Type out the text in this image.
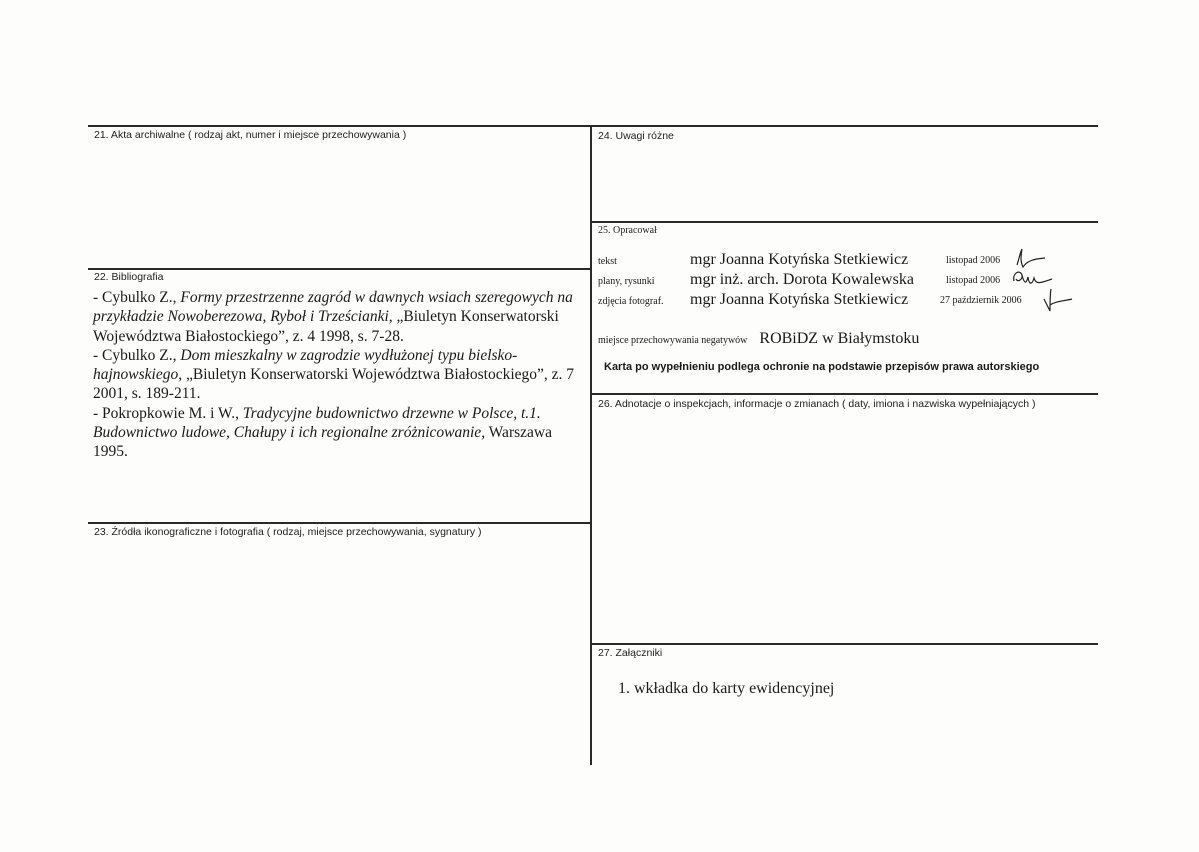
21. Akta archiwalne ( rodzaj akt, numer i miejsce przechowywania )
22. Bibliografia

- Cybulko Z., Formy przestrzenne zagród w dawnych wsiach szeregowych na przykładzie Nowoberezowa, Ryboł i Trześcianki, „Biuletyn Konserwatorski Województwa Białostockiego”, z. 4 1998, s. 7-28.

- Cybulko Z., Dom mieszkalny w zagrodzie wydłużonej typu bielsko-hajnowskiego, „Biuletyn Konserwatorski Województwa Białostockiego”, z. 7 2001, s. 189-211.

- Pokropkowie M. i W., Tradycyjne budownictwo drzewne w Polsce, t.1. Budownictwo ludowe, Chałupy i ich regionalne zróżnicowanie, Warszawa 1995.

23. Źródła ikonograficzne i fotografia ( rodzaj, miejsce przechowywania, sygnatury )
24. Uwagi różne
25. Opracował
tekst	mgr Joanna Kotyńska Stetkiewicz	listopad 2006
plany, rysunki mgr inż. arch. Dorota Kowalewska	listopad 2006
zdjęcia fotograf. mgr Joanna Kotyńska Stetkiewicz	27 październik 2006
miejsce przechowywania negatywów ROBiDZ w Białymstoku
Karta po wypełnieniu podlega ochronie na podstawie przepisów prawa autorskiego
26. Adnotacje o inspekcjach, informacje o zmianach ( daty, imiona i nazwiska wypełniających )
27. Załączniki
1. wkładka do karty ewidencyjnej
